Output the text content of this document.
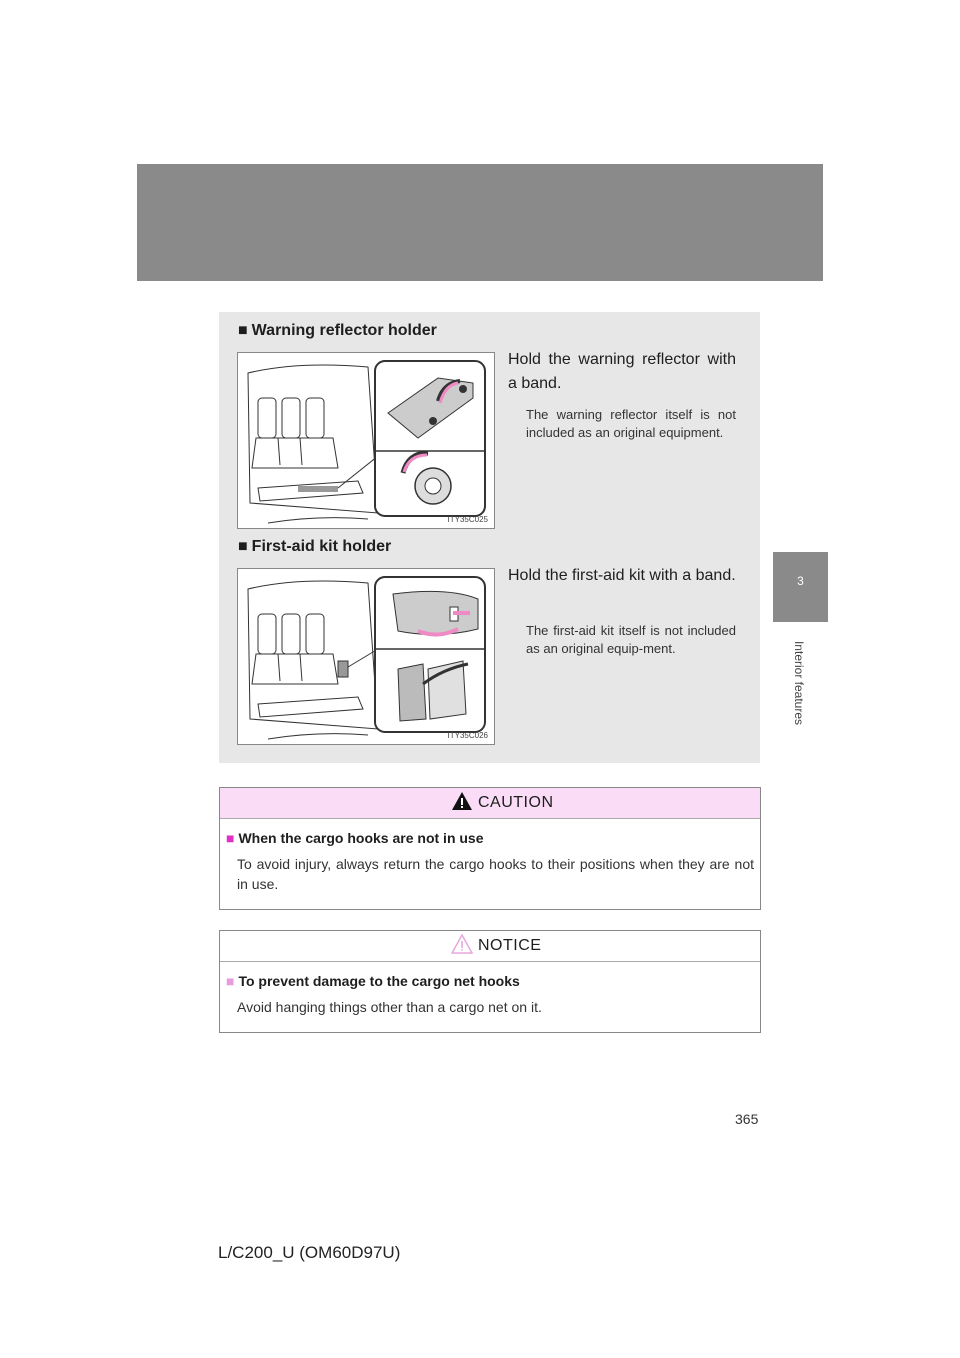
3
Interior features
■ Warning reflector holder
ITY35C025
Hold the warning reflector with a band.
The warning reflector itself is not included as an original equipment.
■ First-aid kit holder
ITY35C026
Hold the first-aid kit with a band.
The first-aid kit itself is not included as an original equip-ment.
CAUTION
■ When the cargo hooks are not in use
To avoid injury, always return the cargo hooks to their positions when they are not in use.
NOTICE
■ To prevent damage to the cargo net hooks
Avoid hanging things other than a cargo net on it.
365
L/C200_U (OM60D97U)
